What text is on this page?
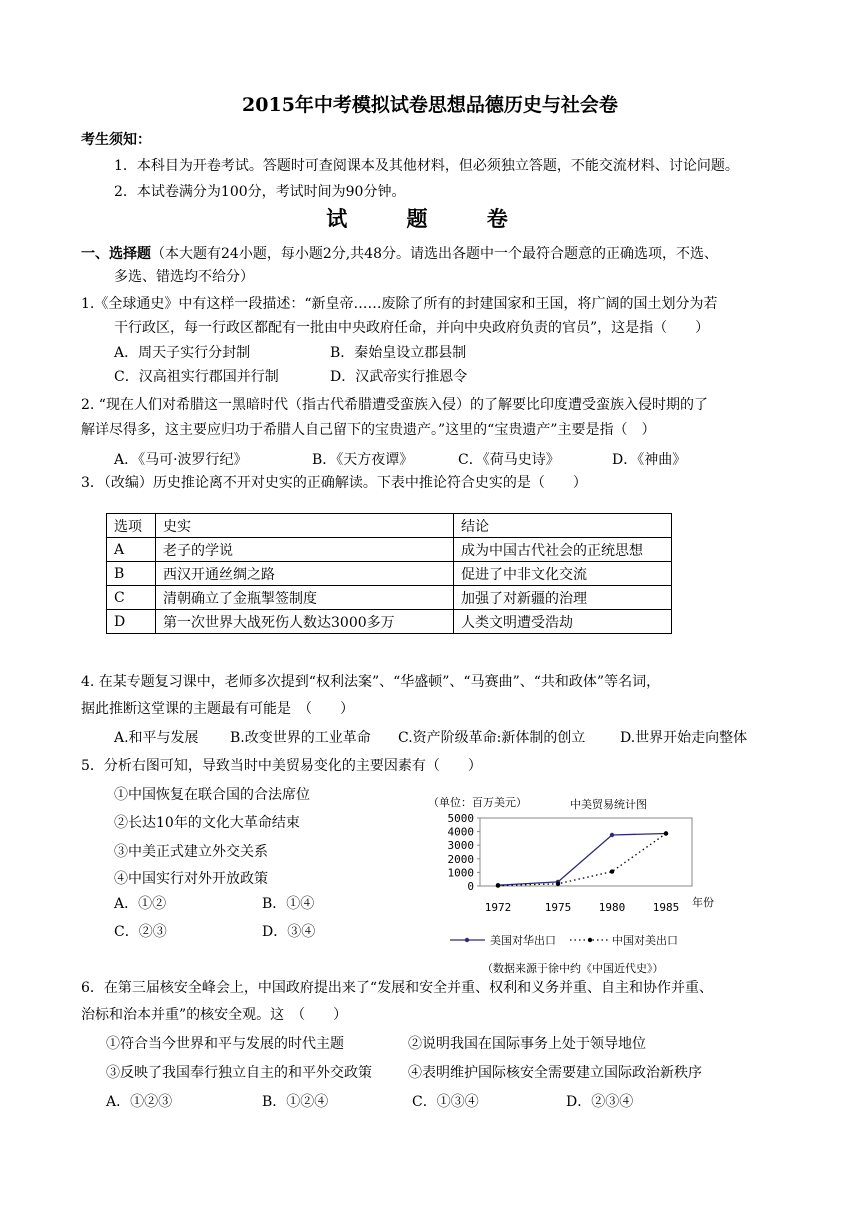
2015年中考模拟试卷思想品德历史与社会卷
考生须知：
1．本科目为开卷考试。答题时可查阅课本及其他材料，但必须独立答题，不能交流材料、讨论问题。
2．本试卷满分为100分，考试时间为90分钟。
试 题 卷
一、选择题（本大题有24小题，每小题2分,共48分。请选出各题中一个最符合题意的正确选项，不选、
多选、错选均不给分）
1.《全球通史》中有这样一段描述：“新皇帝……废除了所有的封建国家和王国，将广阔的国土划分为若
干行政区，每一行政区都配有一批由中央政府任命，并向中央政府负责的官员”，这是指（　　）
A．周天子实行分封制	B．秦始皇设立郡县制
C．汉高祖实行郡国并行制	D．汉武帝实行推恩令
2. “现在人们对希腊这一黑暗时代（指古代希腊遭受蛮族入侵）的了解要比印度遭受蛮族入侵时期的了
解详尽得多，这主要应归功于希腊人自己留下的宝贵遗产。”这里的“宝贵遗产”主要是指（　）
A．《马可·波罗行纪》	B．《天方夜谭》	C．《荷马史诗》	D．《神曲》
3．（改编）历史推论离不开对史实的正确解读。下表中推论符合史实的是（　　）
选项	史实	结论
A	老子的学说	成为中国古代社会的正统思想
B	西汉开通丝绸之路	促进了中非文化交流
C	清朝确立了金瓶掣签制度	加强了对新疆的治理
D	第一次世界大战死伤人数达3000多万	人类文明遭受浩劫
4. 在某专题复习课中，老师多次提到“权利法案”、“华盛顿”、“马赛曲”、“共和政体”等名词，
据此推断这堂课的主题最有可能是　（　　）
A.和平与发展 B.改变世界的工业革命 C.资产阶级革命:新体制的创立 D.世界开始走向整体
5．分析右图可知，导致当时中美贸易变化的主要因素有（　　）
①中国恢复在联合国的合法席位
②长达10年的文化大革命结束
③中美正式建立外交关系
④中国实行对外开放政策
A．①②	B．①④
C．②③	D．③④
（单位：百万美元）	中美贸易统计图
0
1000
2000
3000
4000
5000
1972	1975	1980	1985 年份
美国对华出口	中国对美出口
（数据来源于徐中约《中国近代史》）
6．在第三届核安全峰会上，中国政府提出来了“发展和安全并重、权利和义务并重、自主和协作并重、
治标和治本并重”的核安全观。这　（　　）
①符合当今世界和平与发展的时代主题	②说明我国在国际事务上处于领导地位
③反映了我国奉行独立自主的和平外交政策	④表明维护国际核安全需要建立国际政治新秩序
A．①②③	B．①②④	C．①③④	D．②③④
